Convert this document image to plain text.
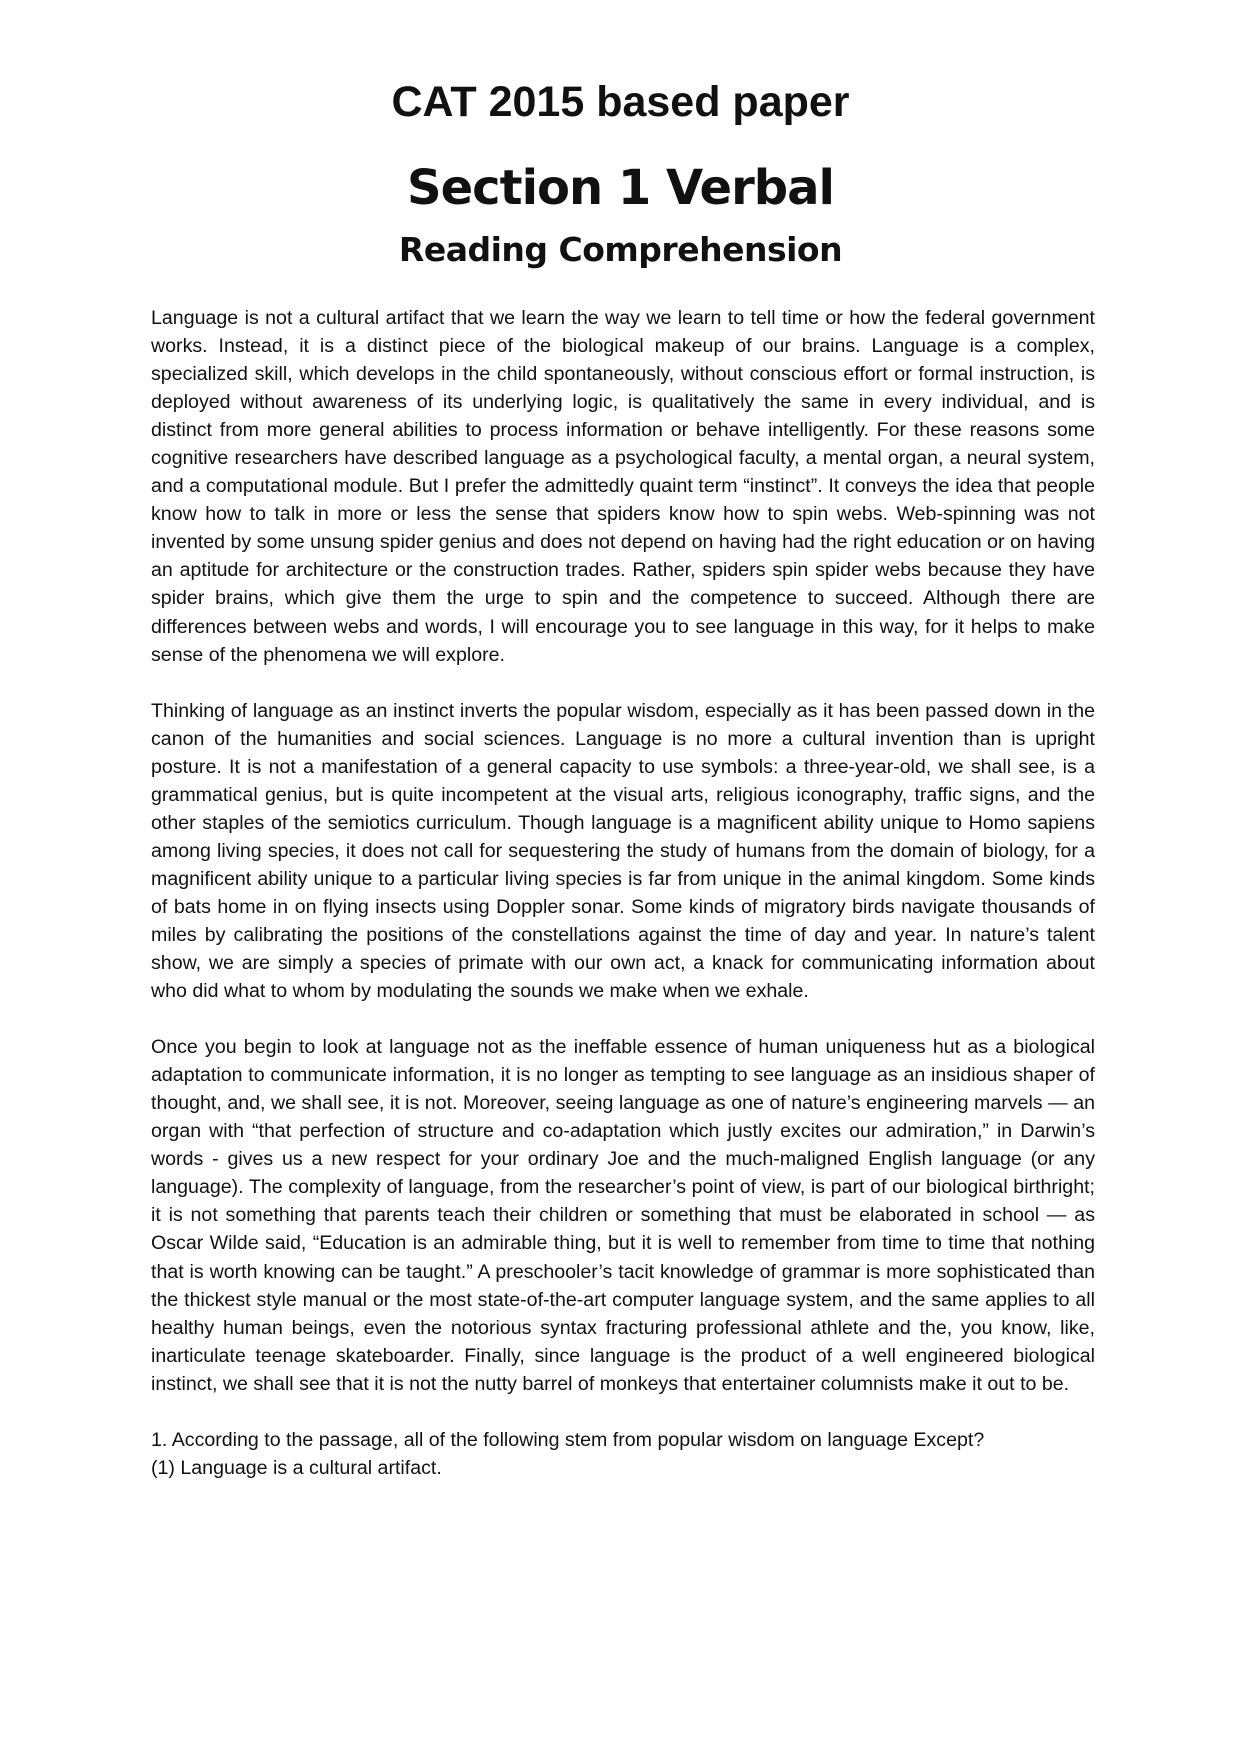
CAT 2015 based paper
Section 1 Verbal
Reading Comprehension

Language is not a cultural artifact that we learn the way we learn to tell time or how the federal government works. Instead, it is a distinct piece of the biological makeup of our brains. Language is a complex, specialized skill, which develops in the child spontaneously, without conscious effort or formal instruction, is deployed without awareness of its underlying logic, is qualitatively the same in every individual, and is distinct from more general abilities to process information or behave intelligently. For these reasons some cognitive researchers have described language as a psychological faculty, a mental organ, a neural system, and a computational module. But I prefer the admittedly quaint term “instinct”. It conveys the idea that people know how to talk in more or less the sense that spiders know how to spin webs. Web-spinning was not invented by some unsung spider genius and does not depend on having had the right education or on having an aptitude for architecture or the construction trades. Rather, spiders spin spider webs because they have spider brains, which give them the urge to spin and the competence to succeed. Although there are differences between webs and words, I will encourage you to see language in this way, for it helps to make sense of the phenomena we will explore.

Thinking of language as an instinct inverts the popular wisdom, especially as it has been passed down in the canon of the humanities and social sciences. Language is no more a cultural invention than is upright posture. It is not a manifestation of a general capacity to use symbols: a three-year-old, we shall see, is a grammatical genius, but is quite incompetent at the visual arts, religious iconography, traffic signs, and the other staples of the semiotics curriculum. Though language is a magnificent ability unique to Homo sapiens among living species, it does not call for sequestering the study of humans from the domain of biology, for a magnificent ability unique to a particular living species is far from unique in the animal kingdom. Some kinds of bats home in on flying insects using Doppler sonar. Some kinds of migratory birds navigate thousands of miles by calibrating the positions of the constellations against the time of day and year. In nature’s talent show, we are simply a species of primate with our own act, a knack for communicating information about who did what to whom by modulating the sounds we make when we exhale.

Once you begin to look at language not as the ineffable essence of human uniqueness hut as a biological adaptation to communicate information, it is no longer as tempting to see language as an insidious shaper of thought, and, we shall see, it is not. Moreover, seeing language as one of nature’s engineering marvels — an organ with “that perfection of structure and co-adaptation which justly excites our admiration,” in Darwin’s words - gives us a new respect for your ordinary Joe and the much-maligned English language (or any language). The complexity of language, from the researcher’s point of view, is part of our biological birthright; it is not something that parents teach their children or something that must be elaborated in school — as Oscar Wilde said, “Education is an admirable thing, but it is well to remember from time to time that nothing that is worth knowing can be taught.” A preschooler’s tacit knowledge of grammar is more sophisticated than the thickest style manual or the most state-of-the-art computer language system, and the same applies to all healthy human beings, even the notorious syntax fracturing professional athlete and the, you know, like, inarticulate teenage skateboarder. Finally, since language is the product of a well engineered biological instinct, we shall see that it is not the nutty barrel of monkeys that entertainer columnists make it out to be.

1. According to the passage, all of the following stem from popular wisdom on language Except?

(1) Language is a cultural artifact.
